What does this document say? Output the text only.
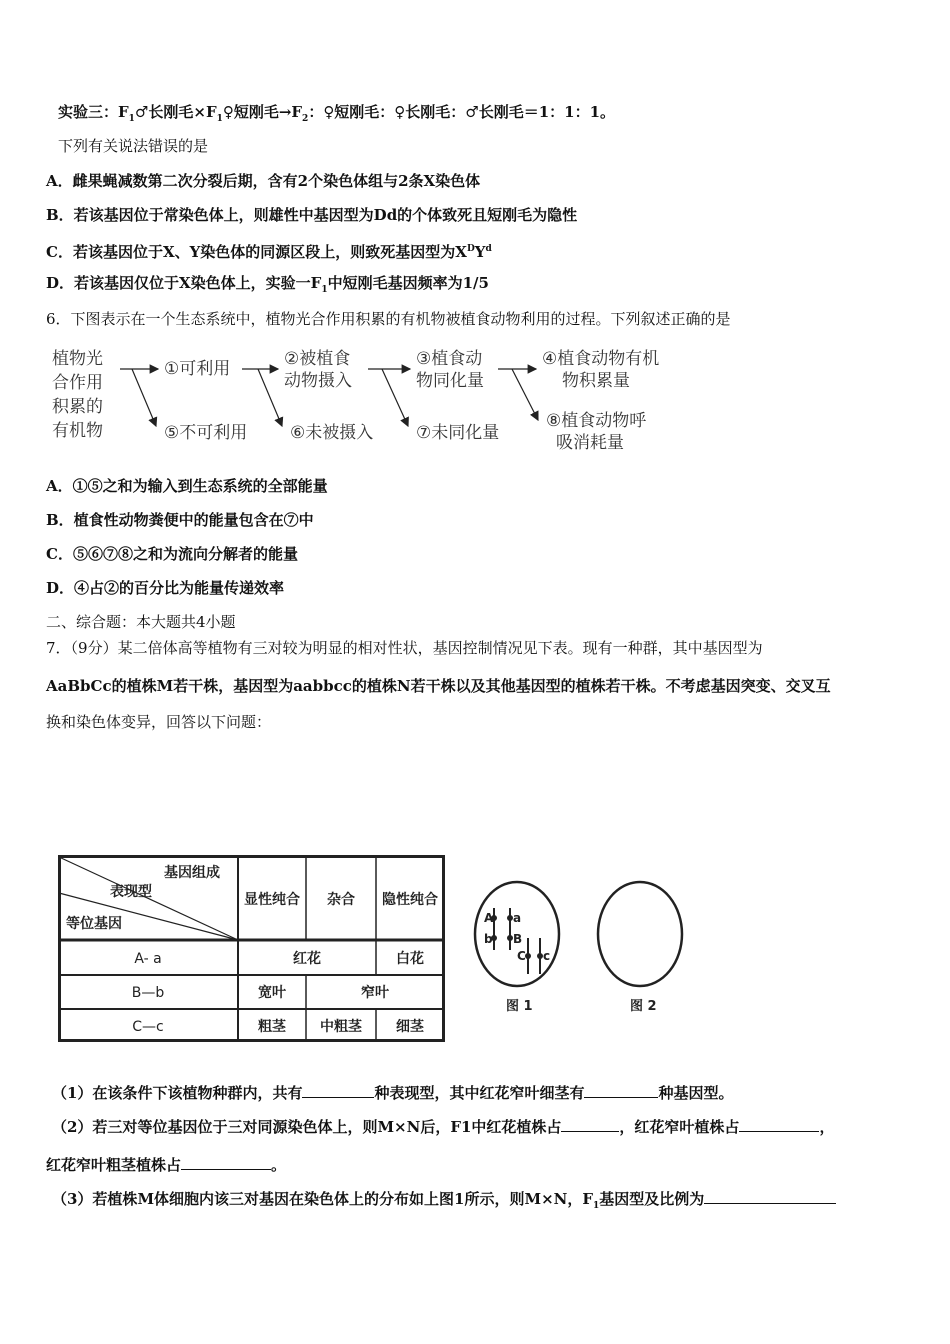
实验三：$F_1♂$长刚毛$\times F_1♀$短刚毛$\to F_2$：♀短刚毛：♀长刚毛：♂长刚毛＝1：1：1。
下列有关说法错误的是
A．雌果蝇减数第二次分裂后期，含有2个染色体组与2条X染色体
B．若该基因位于常染色体上，则雄性中基因型为Dd的个体致死且短刚毛为隐性
C．若该基因位于X、Y染色体的同源区段上，则致死基因型为$X^DY^d$
D．若该基因仅位于X染色体上，实验一$F_1$中短刚毛基因频率为1/5
6．下图表示在一个生态系统中，植物光合作用积累的有机物被植食动物利用的过程。下列叙述正确的是
植物光
合作用
积累的
有机物
①可利用	②被植食
动物摄入
③植食动
物同化量
④植食动物有机
物积累量
⑤不可利用	⑥未被摄入	⑦未同化量
⑧植食动物呼
吸消耗量
A．①⑤之和为输入到生态系统的全部能量
B．植食性动物粪便中的能量包含在⑦中
C．⑤⑥⑦⑧之和为流向分解者的能量
D．④占②的百分比为能量传递效率
二、综合题：本大题共4小题
7．（9分）某二倍体高等植物有三对较为明显的相对性状，基因控制情况见下表。现有一种群，其中基因型为
AaBbCc的植株M若干株，基因型为aabbcc的植株N若干株以及其他基因型的植株若干株。不考虑基因突变、交叉互
换和染色体变异，回答以下问题：
基因组成
表现型
等位基因
显性纯合 杂合 隐性纯合
A- a	红花	白花
B—b	宽叶	窄叶
C—c	粗茎 中粗茎 细茎
A a
b B
C c
图 1	图 2
（1）在该条件下该植物种群内，共有	种表现型，其中红花窄叶细茎有	种基因型。
（2）若三对等位基因位于三对同源染色体上，则M×N后，F1中红花植株占	，红花窄叶植株占	，
红花窄叶粗茎植株占	。
（3）若植株M体细胞内该三对基因在染色体上的分布如上图1所示，则M×N，$F_1$基因型及比例为
